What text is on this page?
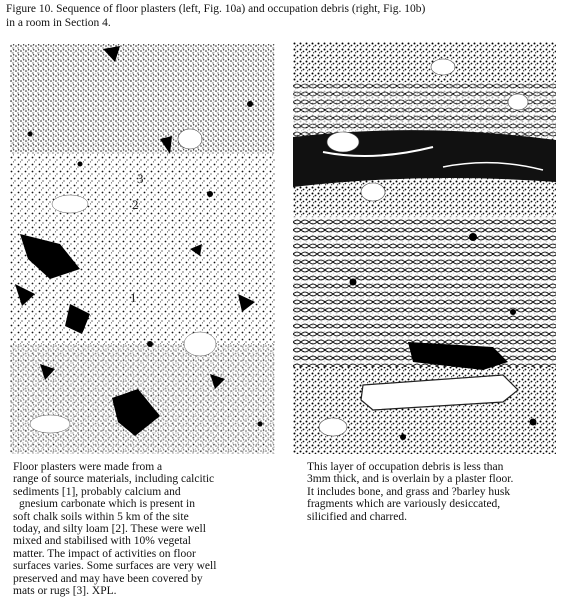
Figure 10. Sequence of floor plasters (left, Fig. 10a) and occupation debris (right, Fig. 10b)
in a room in Section 4.
3
2
1
Floor plasters were made from a
range of source materials, including calcitic
sediments [1], probably calcium and
gnesium carbonate which is present in
soft chalk soils within 5 km of the site
today, and silty loam [2]. These were well
mixed and stabilised with 10% vegetal
matter. The impact of activities on floor
surfaces varies. Some surfaces are very well
preserved and may have been covered by
mats or rugs [3]. XPL.
This layer of occupation debris is less than
3mm thick, and is overlain by a plaster floor.
It includes bone, and grass and ?barley husk
fragments which are variously desiccated,
silicified and charred.
